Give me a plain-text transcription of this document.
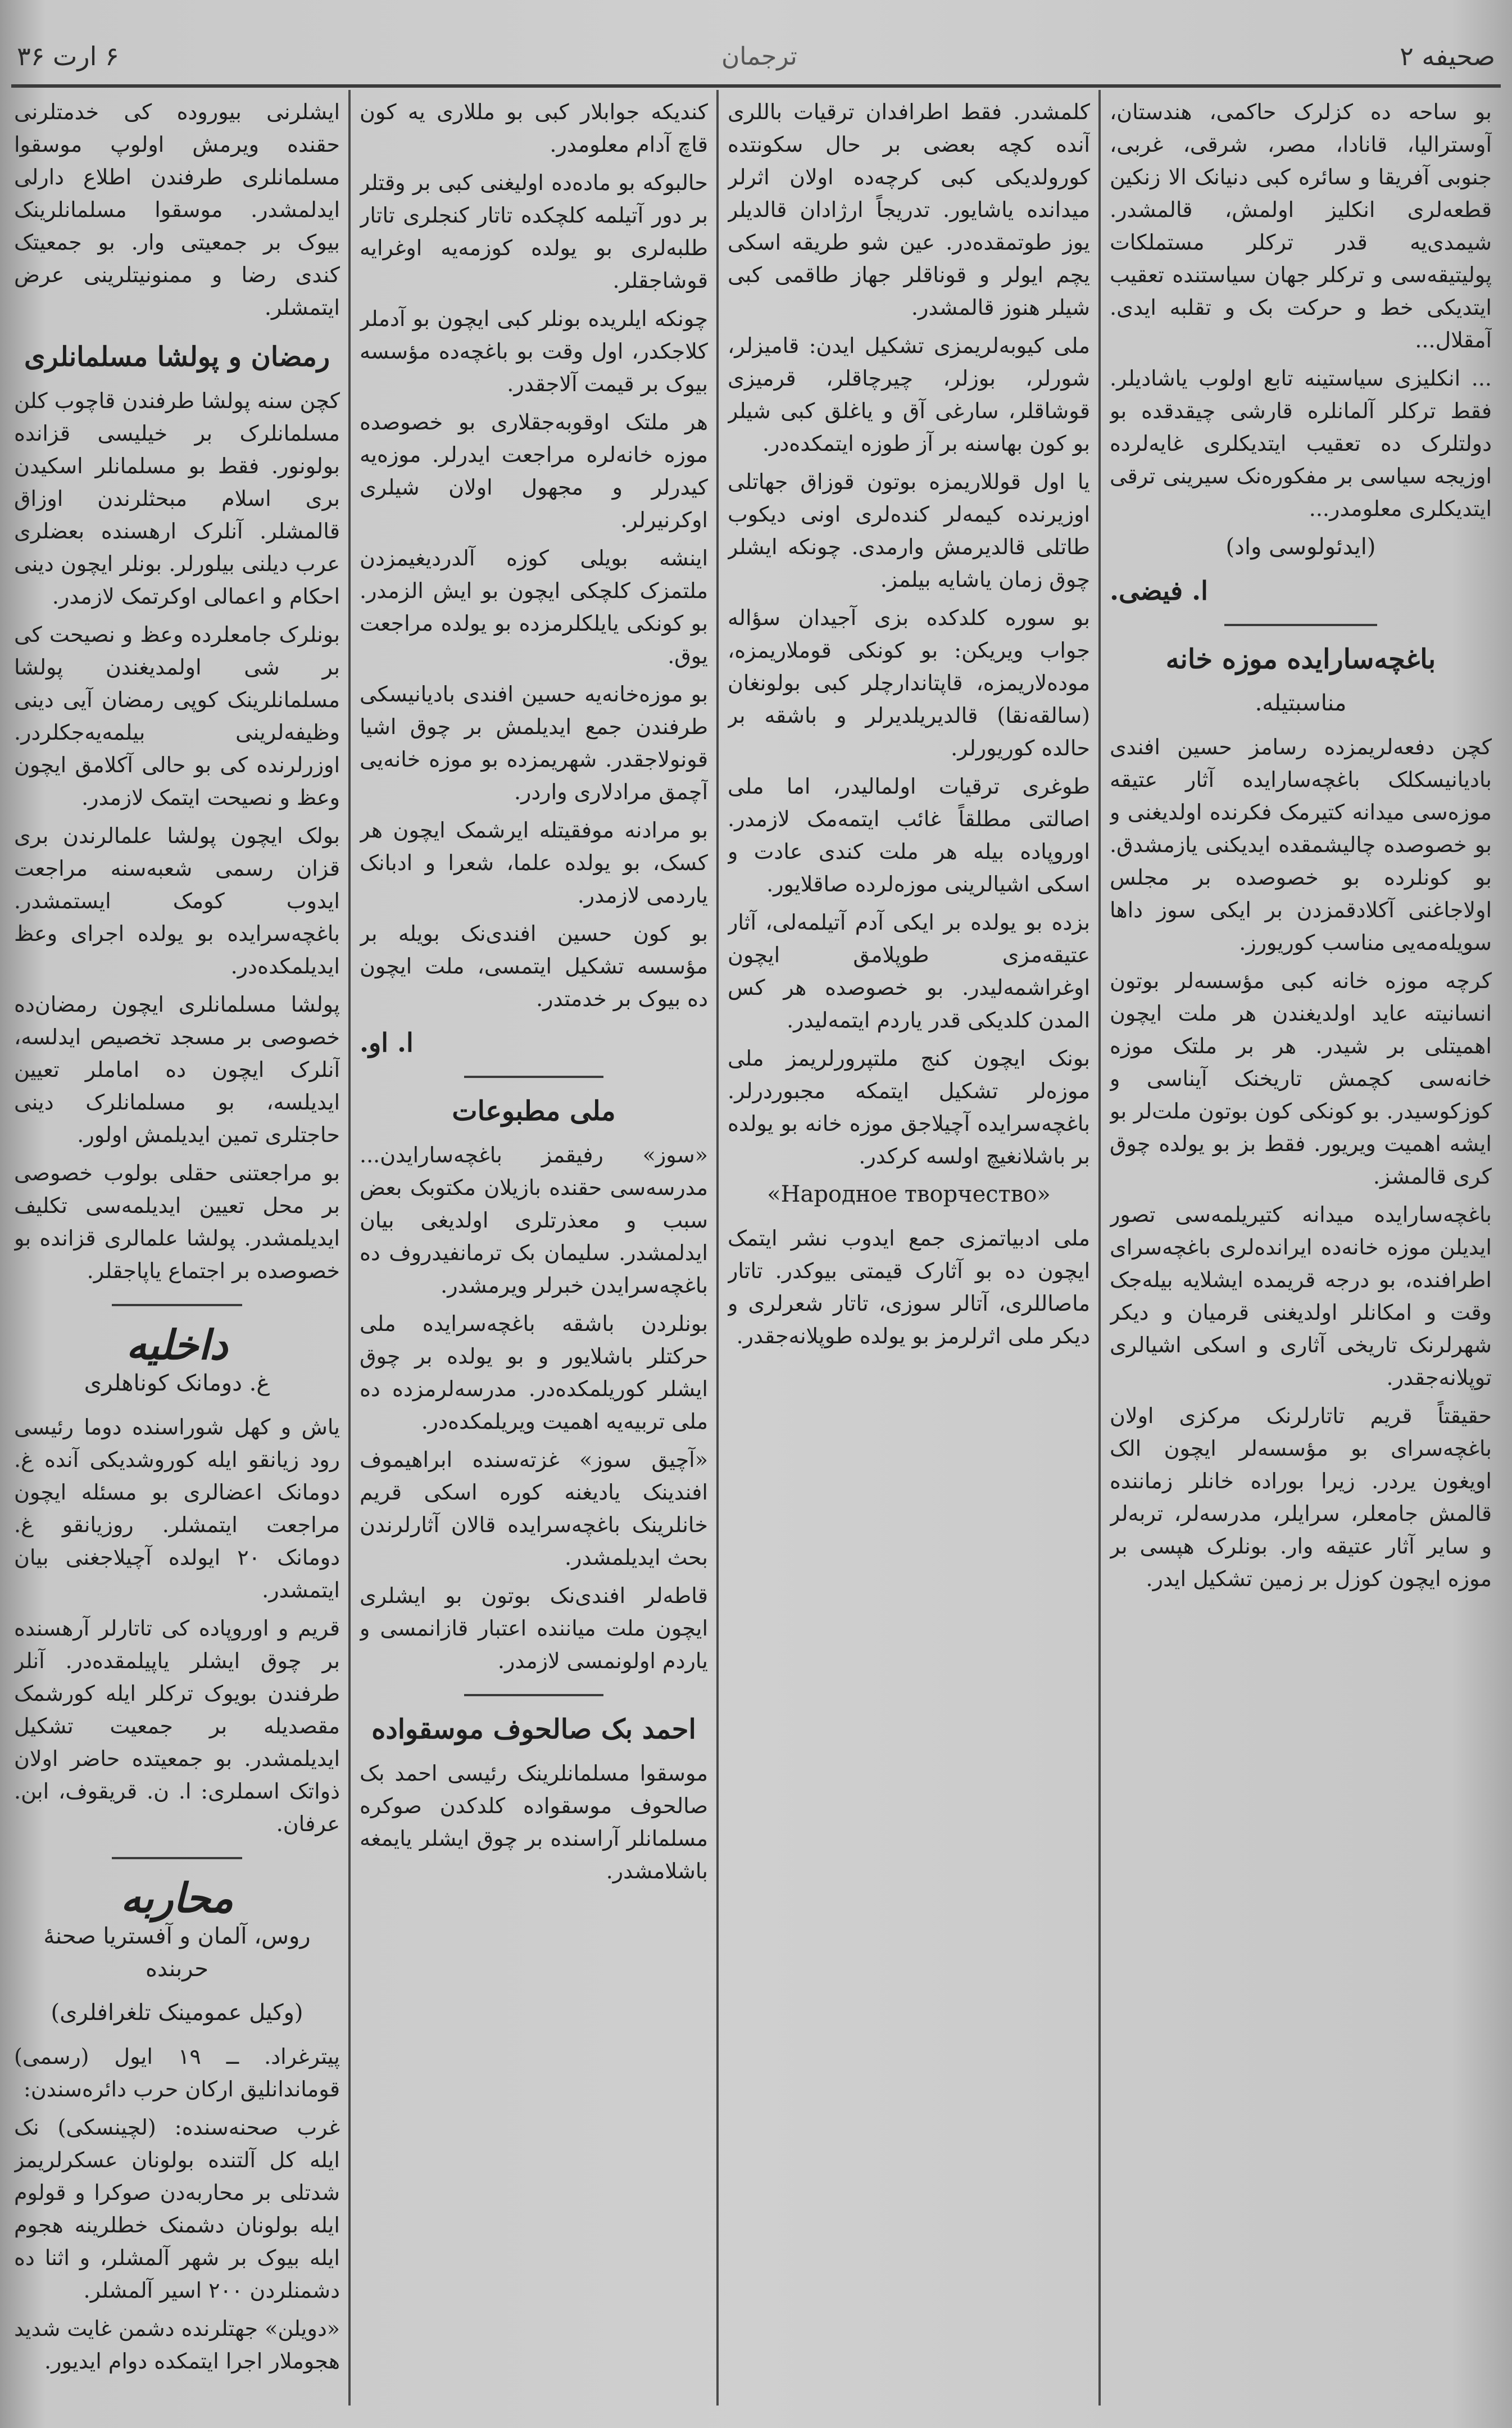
صحيفه ۲
ترجمان
۶ ارت ۳۶

بو ساحه ده کزلرک حاکمی، هندستان، آوستراليا، قانادا، مصر، شرقی، غربی، جنوبی آفريقا و سائره کبی دنيانک الا زنکين قطعه‌لری انکليز اولمش، قالمشدر. شيمدی‌يه قدر ترکلر مستملکات پوليتيقه‌سی و ترکلر جهان سياستنده تعقيب ايتديکی خط و حرکت بک و تقلبه ايدی. آمقلال...

... انکليزی سياستينه تابع اولوب ياشاديلر. فقط ترکلر آلمانلره قارشی چيقدقده بو دولتلرک ده تعقيب ايتديکلری غايه‌لرده اوزيجه سياسی بر مفکوره‌نک سيرينی ترقی ايتديکلری معلومدر...

(ايدئولوسی واد)
ا. فيضی.
باغچه‌سارايده موزه خانه
مناسبتيله.

کچن دفعه‌لريمزده رسامز حسين افندی باديانيسکلک باغچه‌سارايده آثار عتيقه موزه‌سی ميدانه کتيرمک فکرنده اولديغنی و بو خصوصده چاليشمقده ايديکنی يازمشدق. بو کونلرده بو خصوصده بر مجلس اولاجاغنی آکلادقمزدن بر ايکی سوز داها سويله‌مه‌يی مناسب کوريورز.

کرچه موزه خانه کبی مؤسسه‌لر بوتون انسانيته عايد اولديغندن هر ملت ايچون اهميتلی بر شيدر. هر بر ملتک موزه خانه‌سی کچمش تاريخنک آيناسی و کوزکوسيدر. بو کونکی کون بوتون ملت‌لر بو ايشه اهميت ويريور. فقط بز بو يولده چوق کری قالمشز.

باغچه‌سارايده ميدانه کتيريلمه‌سی تصور ايديلن موزه خانه‌ده ايرانده‌لری باغچه‌سرای اطرافنده، بو درجه قريمده ايشلايه بيله‌جک وقت و امکانلر اولديغنی قرميان و ديکر شهرلرنک تاريخی آثاری و اسکی اشيالری توپلانه‌جقدر.

حقيقتاً قريم تاتارلرنک مرکزی اولان باغچه‌سرای بو مؤسسه‌لر ايچون الک اويغون يردر. زيرا بوراده خانلر زماننده قالمش جامعلر، سرايلر، مدرسه‌لر، تربه‌لر و ساير آثار عتيقه وار. بونلرک هپسی بر موزه ايچون کوزل بر زمين تشکيل ايدر.

کلمشدر. فقط اطرافدان ترقيات باللری آنده کچه بعضی بر حال سکونتده کورولديکی کبی کرچه‌ده اولان اثرلر ميدانده ياشايور. تدريجاً ارژادان قالديلر يوز طوتمقده‌در. عين شو طريقه اسکی يچم ايولر و قوناقلر جهاز طاقمی کبی شيلر هنوز قالمشدر.

ملی کيوبه‌لريمزی تشکيل ايدن: قاميزلر، شورلر، بوزلر، چيرچاقلر، قرميزی قوشاقلر، سارغی آق و ياغلق کبی شيلر بو کون بهاسنه بر آز طوزه ايتمکده‌در.

يا اول قوللاريمزه بوتون قوزاق جهاتلی اوزيرنده کيمه‌لر کنده‌لری اونی ديکوب طاتلی قالديرمش وارمدی. چونکه ايشلر چوق زمان ياشايه بيلمز.

بو سوره کلدکده بزی آجيدان سؤاله جواب ويريکن: بو کونکی قوملاريمزه، موده‌لاريمزه، قاپتاندارچلر کبی بولونغان (سالقه‌نقا) قالديريلديرلر و باشقه بر حالده کوريورلر.

طوغری ترقيات اولماليدر، اما ملی اصالتی مطلقاً غائب ايتمه‌مک لازمدر. اوروپاده بيله هر ملت کندی عادت و اسکی اشيالرينی موزه‌لرده صاقلايور.

بزده بو يولده بر ايکی آدم آتيلمه‌لی، آثار عتيقه‌مزی طوپلامق ايچون اوغراشمه‌ليدر. بو خصوصده هر کس المدن کلديکی قدر ياردم ايتمه‌ليدر.

بونک ايچون کنج ملتپرورلريمز ملی موزه‌لر تشکيل ايتمکه مجبوردرلر. باغچه‌سرايده آچيلاجق موزه خانه بو يولده بر باشلانغيچ اولسه کرکدر.

«Народное творчество»

ملی ادبياتمزی جمع ايدوب نشر ايتمک ايچون ده بو آثارک قيمتی بيوکدر. تاتار ماصاللری، آتالر سوزی، تاتار شعرلری و ديکر ملی اثرلرمز بو يولده طوپلانه‌جقدر.

کندیکه جوابلار کبی بو مللاری يه کون قاچ آدام معلومدر.

حالبوکه بو ماده‌ده اوليغنی کبی بر وقتلر بر دور آتيلمه کلچکده تاتار کنجلری تاتار طلبه‌لری بو يولده کوزمه‌يه اوغرايه قوشاجقلر.

چونکه ايلريده بونلر کبی ايچون بو آدملر کلاجکدر، اول وقت بو باغچه‌ده مؤسسه بيوک بر قيمت آلاجقدر.

هر ملتک اوقوبه‌جقلاری بو خصوصده موزه خانه‌لره مراجعت ايدرلر. موزه‌يه کيدرلر و مجهول اولان شيلری اوکرنيرلر.

اينشه بويلی کوزه آلدرديغيمزدن ملتمزک کلچکی ايچون بو ايش الزمدر. بو کونکی يايلکلرمزده بو يولده مراجعت يوق.

بو موزه‌خانه‌يه حسين افندی باديانيسکی طرفندن جمع ايديلمش بر چوق اشيا قونولاجقدر. شهريمزده بو موزه خانه‌يی آچمق مرادلاری واردر.

بو مرادنه موفقيتله ايرشمک ايچون هر کسک، بو يولده علما، شعرا و ادبانک ياردمی لازمدر.

بو کون حسين افندی‌نک بويله بر مؤسسه تشکيل ايتمسی، ملت ايچون ده بيوک بر خدمتدر.

ا. او.
ملی مطبوعات

«سوز» رفيقمز باغچه‌سارايدن... مدرسه‌سی حقنده بازيلان مکتوبک بعض سبب و معذرتلری اولديغی بيان ايدلمشدر. سليمان بک ترمانفيدروف ده باغچه‌سرايدن خبرلر ويرمشدر.

بونلردن باشقه باغچه‌سرايده ملی حرکتلر باشلايور و بو يولده بر چوق ايشلر کوريلمکده‌در. مدرسه‌لرمزده ده ملی تربيه‌يه اهميت ويريلمکده‌در.

«آچيق سوز» غزته‌سنده ابراهيموف افندينک ياديغنه کوره اسکی قريم خانلرينک باغچه‌سرايده قالان آثارلرندن بحث ايديلمشدر.

قاطه‌لر افندی‌نک بوتون بو ايشلری ايچون ملت مياننده اعتبار قازانمسی و ياردم اولونمسی لازمدر.

احمد بک صالحوف موسقواده

موسقوا مسلمانلرينک رئيسی احمد بک صالحوف موسقواده کلدکدن صوکره مسلمانلر آراسنده بر چوق ايشلر يايمغه باشلامشدر.

ايشلرنی بيوروده کی خدمتلرنی حقنده ويرمش اولوپ موسقوا مسلمانلری طرفندن اطلاع دارلی ايدلمشدر. موسقوا مسلمانلرينک بيوک بر جمعيتی وار. بو جمعيتک کندی رضا و ممنونيتلرينی عرض ايتمشلر.

رمضان و پولشا مسلمانلری

کچن سنه پولشا طرفندن قاچوب کلن مسلمانلرک بر خيليسی قزانده بولونور. فقط بو مسلمانلر اسکيدن بری اسلام مبحثلرندن اوزاق قالمشلر. آنلرک ارهسنده بعضلری عرب ديلنی بيلورلر. بونلر ايچون دينی احکام و اعمالی اوکرتمک لازمدر.

بونلرک جامعلرده وعظ و نصيحت کی بر شی اولمديغندن پولشا مسلمانلرينک کوپی رمضان آيی دينی وظيفه‌لرينی بيلمه‌يه‌جکلردر. اوزرلرنده کی بو حالی آکلامق ايچون وعظ و نصيحت ايتمک لازمدر.

بولک ايچون پولشا علمالرندن بری قزان رسمی شعبه‌سنه مراجعت ايدوب کومک ايستمشدر. باغچه‌سرايده بو يولده اجرای وعظ ايديلمکده‌در.

پولشا مسلمانلری ايچون رمضان‌ده خصوصی بر مسجد تخصيص ايدلسه، آنلرک ايچون ده اماملر تعيين ايديلسه، بو مسلمانلرک دينی حاجتلری تمين ايديلمش اولور.

بو مراجعتنی حقلی بولوب خصوصی بر محل تعيين ايديلمه‌سی تکليف ايديلمشدر. پولشا علمالری قزانده بو خصوصده بر اجتماع ياپاجقلر.

داخلیه
غ. دومانک کوناهلری

ياش و کهل شوراسنده دوما رئيسی رود زيانقو ايله کوروشديکی آنده غ. دومانک اعضالری بو مسئله ايچون مراجعت ايتمشلر. روزيانقو غ. دومانک ۲۰ ايولده آچيلاجغنی بيان ايتمشدر.

قريم و اوروپاده کی تاتارلر آرهسنده بر چوق ايشلر ياپيلمقده‌در. آنلر طرفندن بويوک ترکلر ايله کورشمک مقصديله بر جمعيت تشکيل ايديلمشدر. بو جمعيتده حاضر اولان ذواتک اسملری: ا. ن. قريقوف، ابن. عرفان.

محاربه
روس، آلمان و آفستريا صحنهٔ حربنده
(وکيل عمومينک تلغرافلری)

پيترغراد. ــ ۱۹ ايول (رسمی) قوماندانليق ارکان حرب دائره‌سندن:

غرب صحنه‌سنده: (لچينسکی) نک ايله کل آلتنده بولونان عسکرلريمز شدتلی بر محاربه‌دن صوکرا و قولوم ايله بولونان دشمنک خطلرينه هجوم ايله بيوک بر شهر آلمشلر، و اثنا ده دشمنلردن ۲۰۰ اسير آلمشلر.

«دويلن» جهتلرنده دشمن غايت شديد هجوملار اجرا ايتمکده دوام ايديور.
